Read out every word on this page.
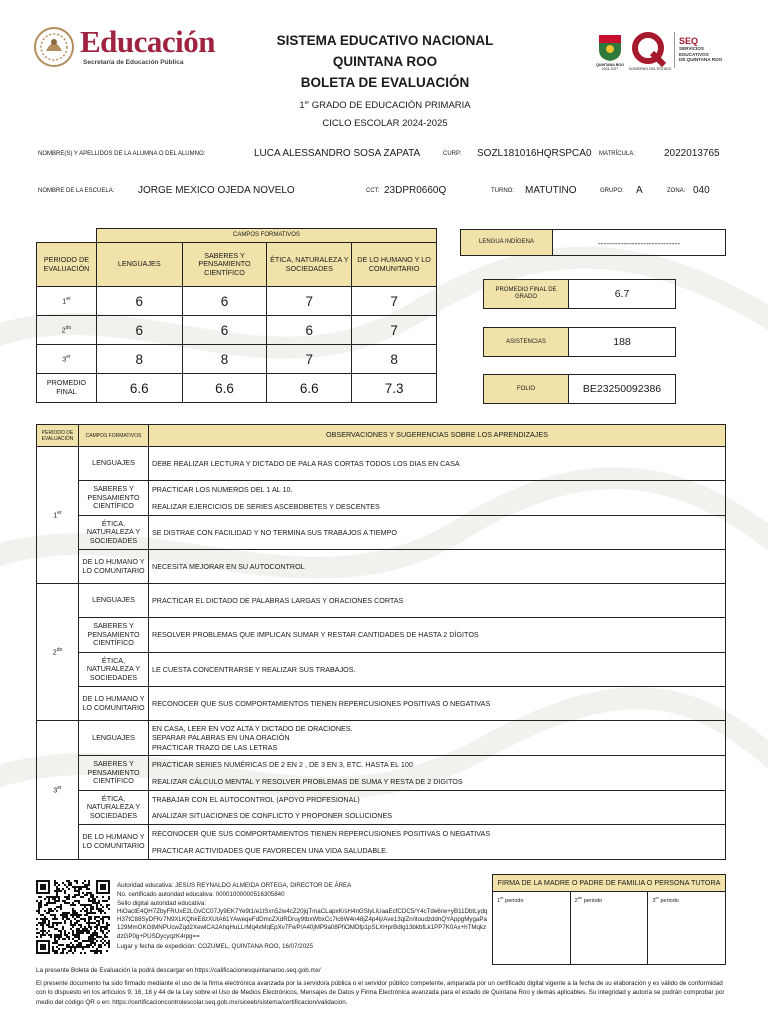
Educación
Secretaría de Educación Pública
SISTEMA EDUCATIVO NACIONAL
QUINTANA ROO
BOLETA DE EVALUACIÓN
1er GRADO DE EDUCACIÓN PRIMARIA
CICLO ESCOLAR 2024-2025
QUINTANA ROO
2024-2027	GOBIERNO DEL ESTADO
SEQ
SERVICIOS
EDUCATIVOS
DE QUINTANA ROO
NOMBRE(S) Y APELLIDOS DE LA ALUMNA O DEL ALUMNO:	LUCA ALESSANDRO SOSA ZAPATA	CURP: SOZL181016HQRSPCA0 MATRÍCULA:	2022013765
NOMBRE DE LA ESCUELA: JORGE MEXICO OJEDA NOVELO	CCT: 23DPR0660Q	TURNO: MATUTINO	GRUPO: A	ZONA: 040
	CAMPOS FORMATIVOS			
PERIODO DE EVALUACIÓN	LENGUAJES	SABERES Y PENSAMIENTO CIENTÍFICO	ÉTICA, NATURALEZA Y SOCIEDADES	DE LO HUMANO Y LO COMUNITARIO
1er	6	6	7	7
$2^{do}$	6	6	6	7
3er	8	8	7	8
PROMEDIO FINAL	6.6	6.6	6.6	7.3
LENGUA INDÍGENA	-----------------------------
PROMEDIO FINAL DE GRADO	6.7
ASISTENCIAS	188
FOLIO	BE23250092386
PERIODO DE EVALUACIÓN	CAMPOS FORMATIVOS	OBSERVACIONES Y SUGERENCIAS SOBRE LOS APRENDIZAJES
1er	LENGUAJES	DEBE REALIZAR LECTURA Y DICTADO DE PALA RAS CORTAS TODOS LOS DIAS EN CASA

	SABERES Y PENSAMIENTO CIENTÍFICO	PRACTICAR LOS NUMEROS DEL 1 AL 10.
REALIZAR EJERCICIOS DE SERIES ASCEBDBETES Y DESCENTES

	ÉTICA, NATURALEZA Y SOCIEDADES	SE DISTRAE CON FACILIDAD Y NO TERMINA SUS TRABAJOS A TIEMPO

	DE LO HUMANO Y LO COMUNITARIO	NECESITA MEJORAR EN SU AUTOCONTROL

$2^{do}$	LENGUAJES	PRACTICAR EL DICTADO DE PALABRAS LARGAS Y ORACIONES CORTAS

	SABERES Y PENSAMIENTO CIENTÍFICO	RESOLVER PROBLEMAS QUE IMPLICAN SUMAR Y RESTAR CANTIDADES DE HASTA 2 DÍGITOS

	ÉTICA, NATURALEZA Y SOCIEDADES	LE CUESTA CONCENTRARSE Y REALIZAR SUS TRABAJOS.

	DE LO HUMANO Y LO COMUNITARIO	RECONOCER QUE SUS COMPORTAMIENTOS TIENEN REPERCUSIONES POSITIVAS O NEGATIVAS

3er	LENGUAJES	EN CASA, LEER EN VOZ ALTA Y DICTADO DE ORACIONES.
SEPARAR PALABRAS EN UNA ORACIÓN
PRACTICAR TRAZO DE LAS LETRAS

	SABERES Y PENSAMIENTO CIENTÍFICO	PRACTICAR SERIES NUMÉRICAS DE 2 EN 2 , DE 3 EN 3, ETC. HASTA EL 100
REALIZAR CÁLCULO MENTAL Y RESOLVER PROBLEMAS DE SUMA Y RESTA DE 2 DIGITOS

	ÉTICA, NATURALEZA Y SOCIEDADES	TRABAJAR CON EL AUTOCONTROL (APOYO PROFESIONAL)
ANALIZAR SITUACIONES DE CONFLICTO Y PROPONER SOLUCIONES

	DE LO HUMANO Y LO COMUNITARIO	RECONOCER QUE SUS COMPORTAMIENTOS TIENEN REPERCUSIONES POSITIVAS O NEGATIVAS
PRACTICAR ACTIVIDADES QUE FAVORECEN UNA VIDA SALUDABLE.
Autoridad educativa: JESUS REYNALDO ALMEIDA ORTEGA, DIRECTOR DE ÁREA
No. certificado autoridad educativa: 00001000000516305840
Sello digital autoridad educativa:
HiOactE4QH7ZbyFRUxE2LGvCC07Jy9EK7Ye9t1/e1tSxn52w4cZ20jqTmaCLapxK/sH4nGSlyLiUaaEcfCDC5/Y4cTde6rw+yB11DbtLydqH37tC88SyDFKr7N9XLKQhkE8zXUtA61YAweqeFdDmcZXdRDruy9tbxWbxCc7lc6W4n48jZ4p4lj/Ave13qlZn/itoudzddnQYAppgMygaPa129MmOKGtMNPUcwZqd2XewlCA2AhqHuLLrMq4xMqEpXv7FwP/A40jMP9a08PfiOMDfp1pSLXHprBdlg13bkbfLk1PP7K0Ax+hTMqkzdzGP0g+PUSDycyqzK4rpg==
Lugar y fecha de expedición: COZUMEL, QUINTANA ROO, 16/07/2025
FIRMA DE LA MADRE O PADRE DE FAMILIA O PERSONA TUTORA
1er periodo	$2^{do}$ periodo	3er periodo
La presente Boleta de Evaluación la podrá descargar en https://calificacionesquintanaroo.seq.gob.mx/
El presente documento ha sido firmado mediante el uso de la firma electrónica avanzada por la servidora pública o el servidor público competente, amparada por un certificado digital vigente a la fecha de su elaboración y es válido de conformidad con lo dispuesto en los artículos 9, 16, 18 y 44 de la Ley sobre el Uso de Medios Electrónicos, Mensajes de Datos y Firma Electrónica avanzada para el estado de Quintana Roo y demás aplicables. Su integridad y autoría se podrán comprobar por medio del código QR o en: https://certificacioncontrolescolar.seq.gob.mx/siceeb/sistema/certificacion/validacion.
